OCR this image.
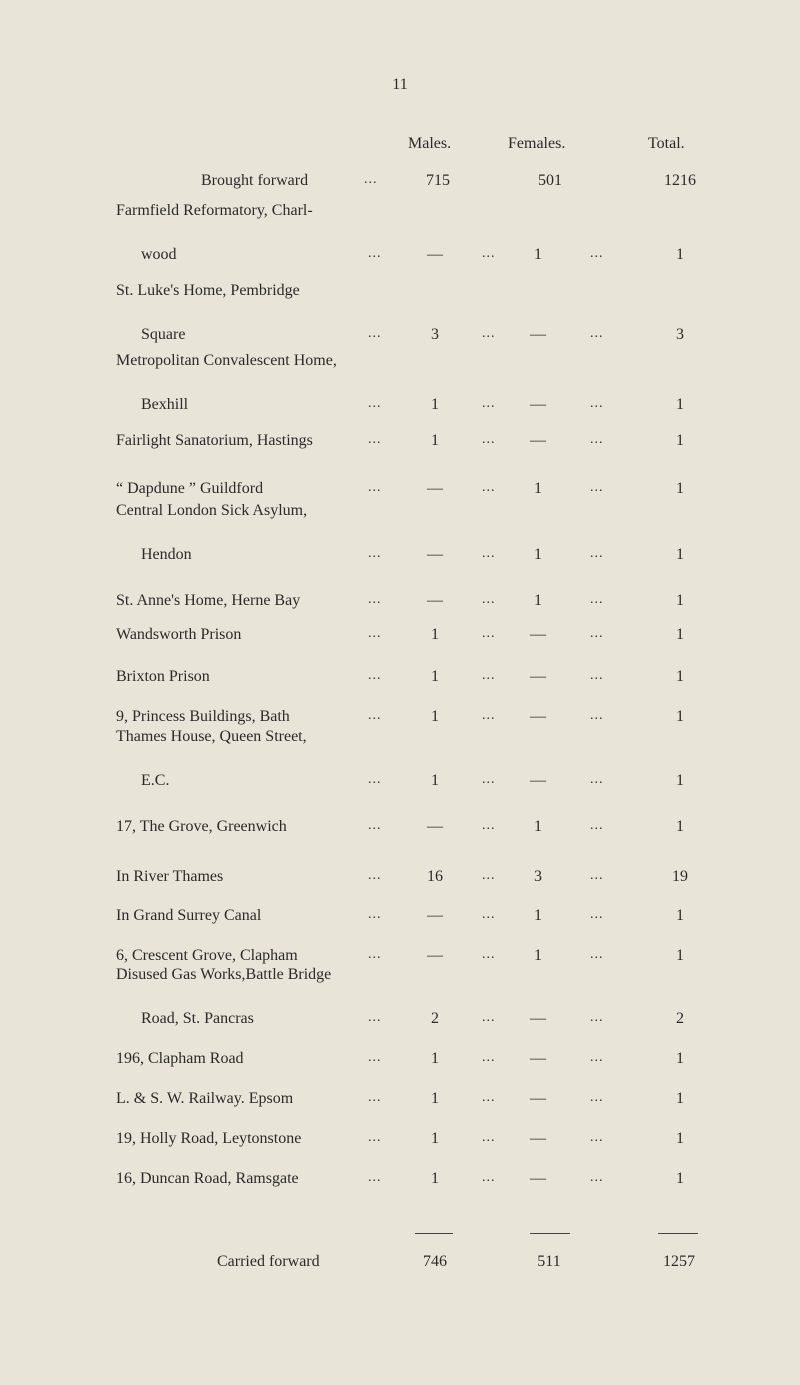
11
Males.	Females.	Total.
Brought forward	...	715	501	1216
Farmfield Reformatory, Charl-
wood	...	—	...	1	...	1
St. Luke's Home, Pembridge
Square	...	3	...	—	...	3
Metropolitan Convalescent Home,
Bexhill	...	1	...	—	...	1
Fairlight Sanatorium, Hastings	...	1	...	—	...	1
“ Dapdune ” Guildford	...	—	...	1	...	1
Central London Sick Asylum,
Hendon	...	—	...	1	...	1
St. Anne's Home, Herne Bay	...	—	...	1	...	1
Wandsworth Prison	...	1	...	—	...	1
Brixton Prison	...	1	...	—	...	1
9, Princess Buildings, Bath	...	1	...	—	...	1
Thames House, Queen Street,
E.C.	...	1	...	—	...	1
17, The Grove, Greenwich	...	—	...	1	...	1
In River Thames	...	16	...	3	...	19
In Grand Surrey Canal	...	—	...	1	...	1
6, Crescent Grove, Clapham	...	—	...	1	...	1
Disused Gas Works,Battle Bridge
Road, St. Pancras	...	2	...	—	...	2
196, Clapham Road	...	1	...	—	...	1
L. & S. W. Railway. Epsom	...	1	...	—	...	1
19, Holly Road, Leytonstone	...	1	...	—	...	1
16, Duncan Road, Ramsgate	...	1	...	—	...	1
Carried forward	746	511	1257
